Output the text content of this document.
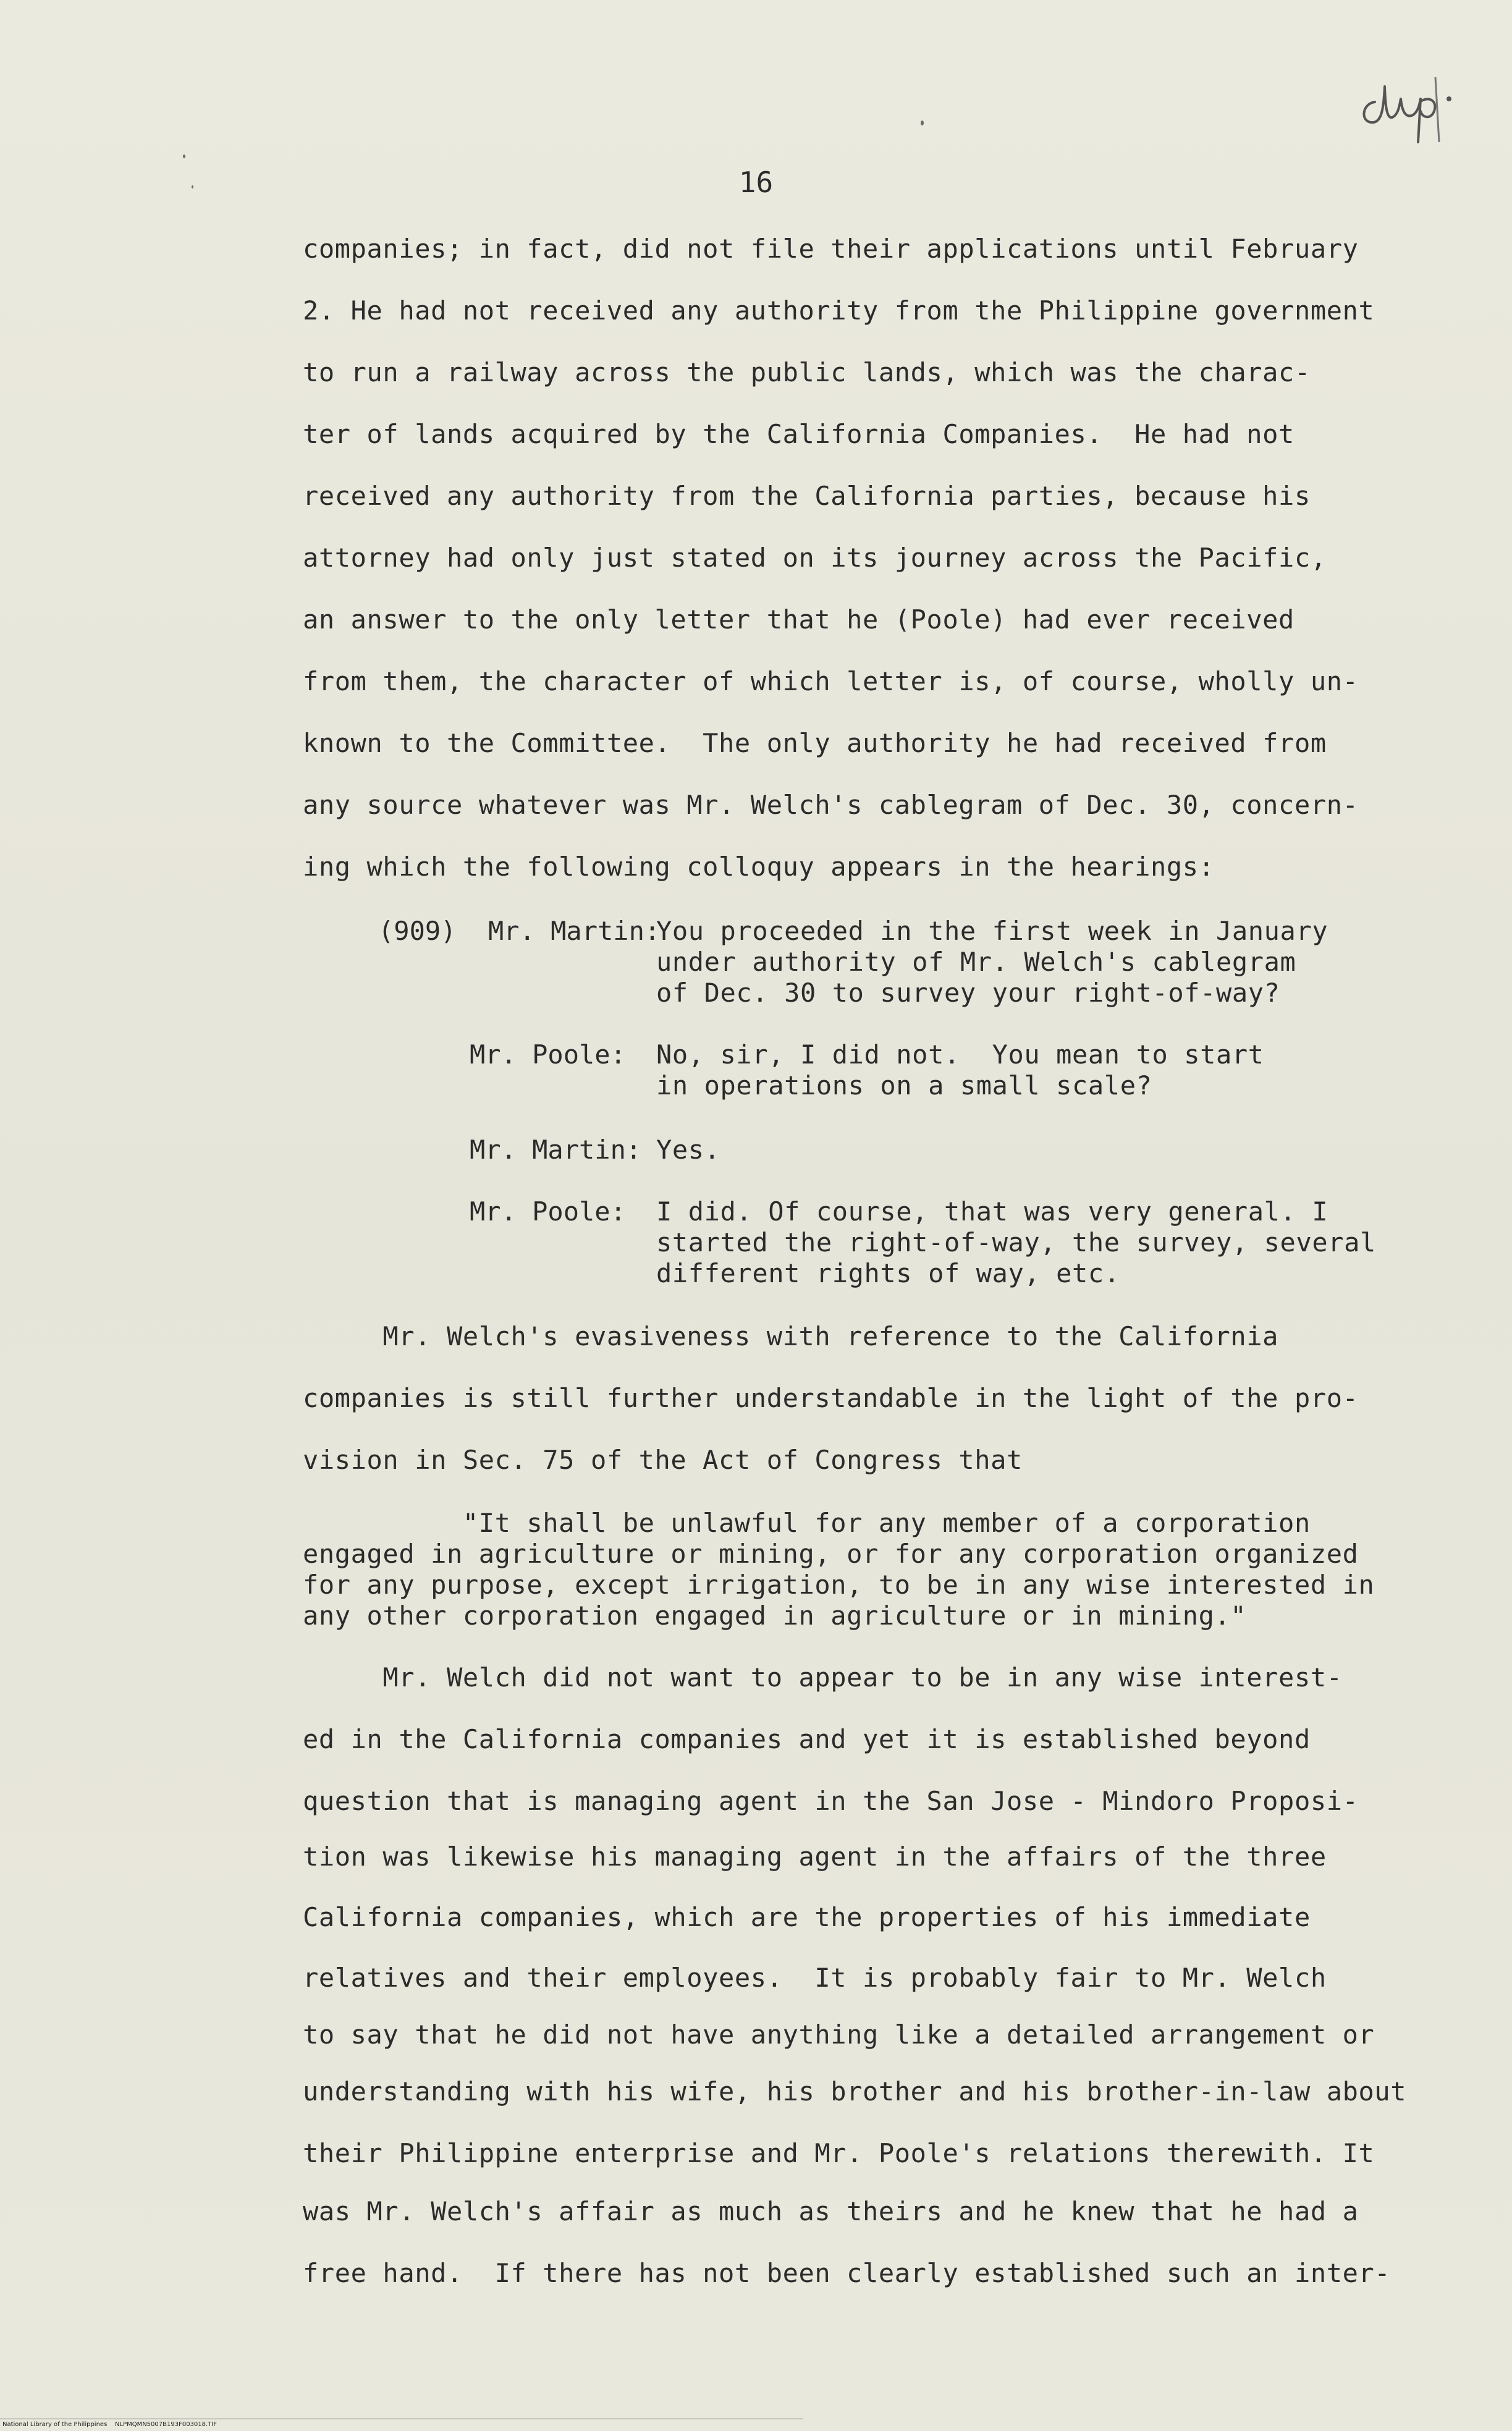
16
companies; in fact, did not file their applications until February
2. He had not received any authority from the Philippine government
to run a railway across the public lands, which was the charac-
ter of lands acquired by the California Companies.  He had not
received any authority from the California parties, because his
attorney had only just stated on its journey across the Pacific,
an answer to the only letter that he (Poole) had ever received
from them, the character of which letter is, of course, wholly un-
known to the Committee.  The only authority he had received from
any source whatever was Mr. Welch's cablegram of Dec. 30, concern-
ing which the following colloquy appears in the hearings:
(909) Mr. Martin:
You proceeded in the first week in January
under authority of Mr. Welch's cablegram
of Dec. 30 to survey your right-of-way?
Mr. Poole: No, sir, I did not.  You mean to start
in operations on a small scale?
Mr. Martin: Yes.
Mr. Poole: I did. Of course, that was very general. I
started the right-of-way, the survey, several
different rights of way, etc.
Mr. Welch's evasiveness with reference to the California
companies is still further understandable in the light of the pro-
vision in Sec. 75 of the Act of Congress that
"It shall be unlawful for any member of a corporation
engaged in agriculture or mining, or for any corporation organized
for any purpose, except irrigation, to be in any wise interested in
any other corporation engaged in agriculture or in mining."
Mr. Welch did not want to appear to be in any wise interest-
ed in the California companies and yet it is established beyond
question that is managing agent in the San Jose - Mindoro Proposi-
tion was likewise his managing agent in the affairs of the three
California companies, which are the properties of his immediate
relatives and their employees.  It is probably fair to Mr. Welch
to say that he did not have anything like a detailed arrangement or
understanding with his wife, his brother and his brother-in-law about
their Philippine enterprise and Mr. Poole's relations therewith. It
was Mr. Welch's affair as much as theirs and he knew that he had a
free hand.  If there has not been clearly established such an inter-
National Library of the Philippines    NLPMQMN5007B193F003018.TIF
